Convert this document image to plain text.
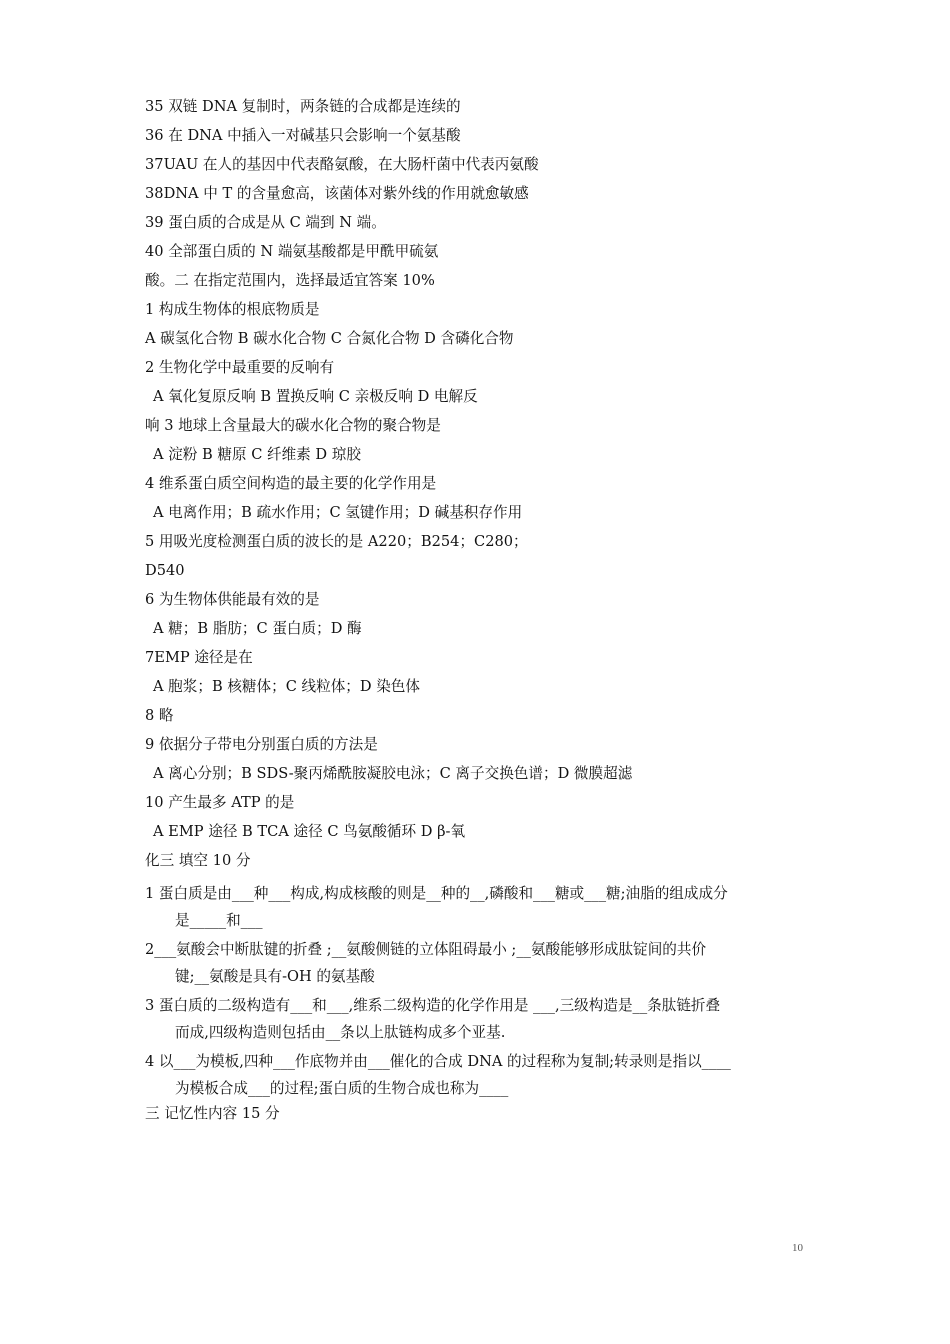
35 双链 DNA 复制时，两条链的合成都是连续的
36 在 DNA 中插入一对碱基只会影响一个氨基酸
37UAU 在人的基因中代表酪氨酸，在大肠杆菌中代表丙氨酸
38DNA 中 T 的含量愈高，该菌体对紫外线的作用就愈敏感
39 蛋白质的合成是从 C 端到 N 端。
40 全部蛋白质的 N 端氨基酸都是甲酰甲硫氨
酸。二 在指定范围内，选择最适宜答案 10%
1 构成生物体的根底物质是
A 碳氢化合物 B 碳水化合物 C 合氮化合物 D 含磷化合物
2 生物化学中最重要的反响有
A 氧化复原反响 B 置换反响 C 亲极反响 D 电解反
响 3 地球上含量最大的碳水化合物的聚合物是
A 淀粉 B 糖原 C 纤维素 D 琼胶
4 维系蛋白质空间构造的最主要的化学作用是
A 电离作用；B 疏水作用；C 氢键作用；D 碱基积存作用
5 用吸光度检测蛋白质的波长的是 A220；B254；C280；
D540
6 为生物体供能最有效的是
A 糖；B 脂肪；C 蛋白质；D 酶
7EMP 途径是在
A 胞浆；B 核糖体；C 线粒体；D 染色体
8 略
9 依据分子带电分别蛋白质的方法是
A 离心分别；B SDS-聚丙烯酰胺凝胶电泳；C 离子交换色谱；D 微膜超滤
10 产生最多 ATP 的是
A EMP 途径 B TCA 途径 C 鸟氨酸循环 D β-氧
化三 填空 10 分
1 蛋白质是由___种___构成,构成核酸的则是__种的__,磷酸和___糖或___糖;油脂的组成成分
是_____和___
2___氨酸会中断肽键的折叠 ;__氨酸侧链的立体阻碍最小 ;__氨酸能够形成肽锭间的共价
键;__氨酸是具有-OH 的氨基酸
3 蛋白质的二级构造有___和___,维系二级构造的化学作用是 ___,三级构造是__条肽链折叠
而成,四级构造则包括由__条以上肽链构成多个亚基.
4 以___为模板,四种___作底物并由___催化的合成 DNA 的过程称为复制;转录则是指以____
为模板合成___的过程;蛋白质的生物合成也称为____
三 记忆性内容 15 分
10
